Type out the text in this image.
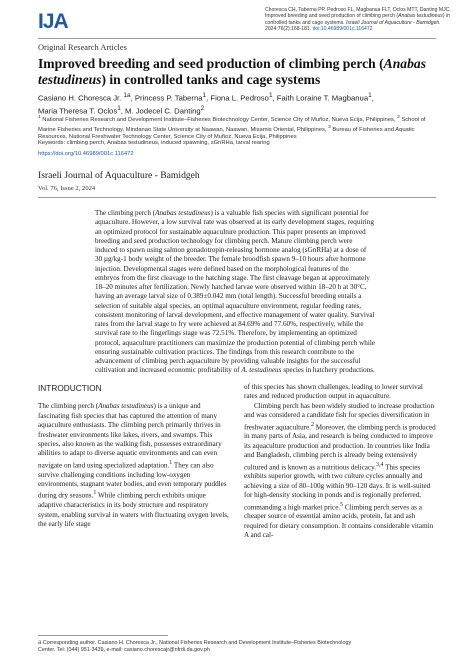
IJA	Choresca CH, Taberna PP, Pedroso FL, Magbanua FLT, Oclos MTT, Danting MJC.
Improved breeding and seed production of climbing perch (Anabas testudineus) in
controlled tanks and cage systems. Israeli Journal of Aquaculture - Bamidgeh.
2024;76(2):168-181. doi:10.46989/001c.116472
Original Research Articles
Improved breeding and seed production of climbing perch (Anabas testudineus) in controlled tanks and cage systems
Casiano H. Choresca Jr. $^{1a}$, Princess P. Taberna$^1$, Fiona L. Pedroso$^1$, Faith Loraine T. Magbanua$^1$,
Maria Theresa T. Oclos$^1$, M. Jodecel C. Danting$^2$
$^1$ National Fisheries Research and Development Institute–Fisheries Biotechnology Center, Science City of Muñoz, Nueva Ecija, Philippines, $^2$ School of Marine Fisheries and Technology, Mindanao State University at Naawan, Naawan, Misamis Oriental, Philippines, $^3$ Bureau of Fisheries and Aquatic Resources, National Freshwater Technology Center, Science City of Muñoz, Nueva Ecija, Philippines
Keywords: climbing perch, Anabas testudineus, induced spawning, sGnRHa, larval rearing
https://doi.org/10.46989/001c.116472
Israeli Journal of Aquaculture - Bamidgeh
Vol. 76, Issue 2, 2024

The climbing perch (Anabas testudineus) is a valuable fish species with significant potential for aquaculture. However, a low survival rate was observed at its early development stages, requiring an optimized protocol for sustainable aquaculture production. This paper presents an improved breeding and seed production technology for climbing perch. Mature climbing perch were induced to spawn using salmon gonadotropin-releasing hormone analog (sGnRHa) at a dose of 30 µg/kg-1 body weight of the breeder. The female broodfish spawn 9–10 hours after hormone injection. Developmental stages were defined based on the morphological features of the embryos from the first cleavage to the hatching stage. The first cleavage began at approximately 18–20 minutes after fertilization. Newly hatched larvae were observed within 18–20 h at 30°C, having an average larval size of 0.389±0.042 mm (total length). Successful breeding entails a selection of suitable algal species, an optimal aquaculture environment, regular feeding rates, consistent monitoring of larval development, and effective management of water quality. Survival rates from the larval stage to fry were achieved at 84.69% and 77.60%, respectively, while the survival rate to the fingerlings stage was 72.51%. Therefore, by implementing an optimized protocol, aquaculture practitioners can maximize the production potential of climbing perch while ensuring sustainable cultivation practices. The findings from this research contribute to the advancement of climbing perch aquaculture by providing valuable insights for the successful cultivation and increased economic profitability of A. testudineus species in hatchery productions.

INTRODUCTION

The climbing perch (Anabas testudineus) is a unique and fascinating fish species that has captured the attention of many aquaculture enthusiasts. The climbing perch primarily thrives in freshwater environments like lakes, rivers, and swamps. This species, also known as the walking fish, possesses extraordinary abilities to adapt to diverse aquatic environments and can even navigate on land using specialized adaptation.$^1$ They can also survive challenging conditions including low-oxygen environments, stagnant water bodies, and even temporary puddles during dry seasons.$^1$ While climbing perch exhibits unique adaptive characteristics in its body structure and respiratory system, enabling survival in waters with fluctuating oxygen levels, the early life stage

of this species has shown challenges, leading to lower survival rates and reduced production output in aquaculture.

Climbing perch has been widely studied to increase production and was considered a candidate fish for species diversification in freshwater aquaculture.$^2$ Moreover, the climbing perch is produced in many parts of Asia, and research is being conducted to improve its aquaculture production and production. In countries like India and Bangladesh, climbing perch is already being extensively cultured and is known as a nutritious delicacy.$^{3,4}$ This species exhibits superior growth, with two culture cycles annually and achieving a size of 80–100g within 90–120 days. It is well-suited for high-density stocking in ponds and is regionally preferred, commanding a high market price.$^5$ Climbing perch serves as a cheaper source of essential amino acids, protein, fat and ash required for dietary consumption. It contains considerable vitamin A and cal-

a Corresponding author. Casiano H. Choresca Jr., National Fisheries Research and Development Institute–Fisheries Biotechnology
Center. Tel: (044) 951-3439, e-mail: casiano.chorescajr@nfrdi.da.gov.ph
